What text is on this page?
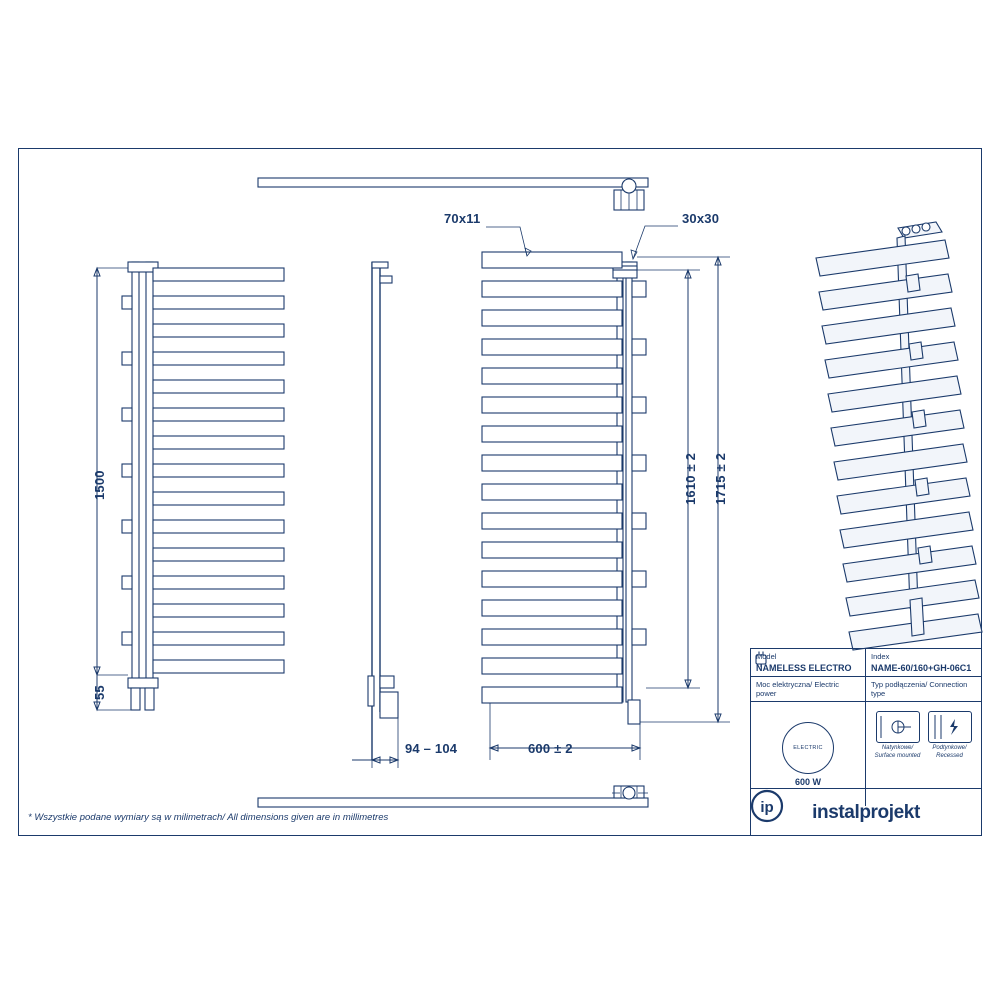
1500
55
94 – 104	600 ± 2
1610 ± 2 1715 ± 2
70x11	30x30
* Wszystkie podane wymiary są w milimetrach/ All dimensions given are in millimetres
Model
NAMELESS ELECTRO
Index
NAME-60/160+GH-06C1
Moc elektryczna/ Electric power
Typ podłączenia/ Connection type
ELECTRIC
600 W
Natynkowe/ Surface mounted
Podtynkowe/ Recessed
ip instalprojekt
